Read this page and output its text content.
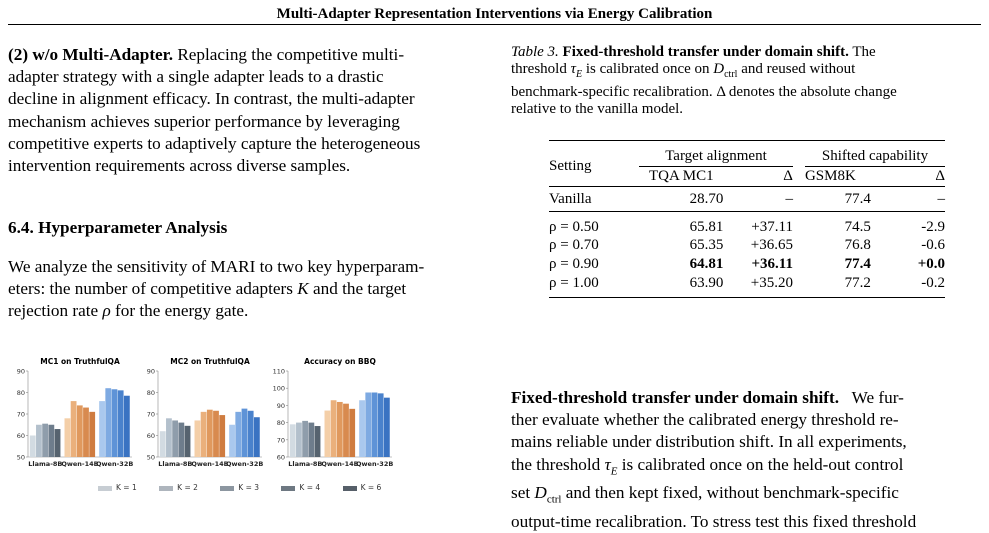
Multi-Adapter Representation Interventions via Energy Calibration
(2) w/o Multi-Adapter. Replacing the competitive multi-
adapter strategy with a single adapter leads to a drastic
decline in alignment efficacy. In contrast, the multi-adapter
mechanism achieves superior performance by leveraging
competitive experts to adaptively capture the heterogeneous
intervention requirements across diverse samples.
6.4. Hyperparameter Analysis
We analyze the sensitivity of MARI to two key hyperparam-
eters: the number of competitive adapters K and the target
rejection rate ρ for the energy gate.
MC1 on TruthfulQA
50
60
70
80
90
Llama-8B
Qwen-14B
Qwen-32B
MC2 on TruthfulQA
50
60
70
80
90
Llama-8B
Qwen-14B
Qwen-32B
Accuracy on BBQ
60
70
80
90
100
110
Llama-8B
Qwen-14B
Qwen-32B
K = 1	K = 2	K = 3	K = 4	K = 6
Table 3. Fixed-threshold transfer under domain shift. The
threshold $\tau_E$ is calibrated once on $D_{ctrl}$ and reused without
benchmark-specific recalibration. Δ denotes the absolute change
relative to the vanilla model.
Setting	Target alignment			Shifted capability	
	TQA MC1	Δ		GSM8K	Δ
Vanilla	28.70	–		77.4	–
ρ = 0.50	65.81	+37.11		74.5	-2.9
ρ = 0.70	65.35	+36.65		76.8	-0.6
ρ = 0.90	64.81	+36.11		77.4	+0.0
ρ = 1.00	63.90	+35.20		77.2	-0.2
Fixed-threshold transfer under domain shift. We fur-
ther evaluate whether the calibrated energy threshold re-
mains reliable under distribution shift. In all experiments,
the threshold $\tau_E$ is calibrated once on the held-out control
set $D_{ctrl}$ and then kept fixed, without benchmark-specific
output-time recalibration. To stress test this fixed threshold
